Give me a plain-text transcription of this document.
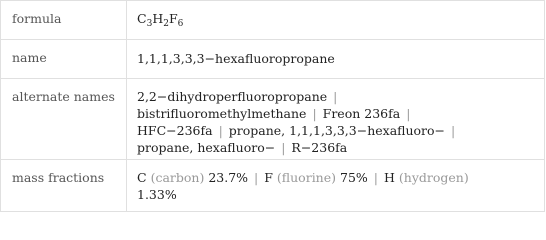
formula	$C_3H_2F_6$
name	1,1,1,3,3,3−hexafluoropropane
alternate names	2,2−dihydroperfluoropropane |
bistrifluoromethylmethane | Freon 236fa |
HFC−236fa | propane, 1,1,1,3,3,3−hexafluoro− |
propane, hexafluoro− | R−236fa
mass fractions	C (carbon) 23.7% | F (fluorine) 75% | H (hydrogen)
1.33%
